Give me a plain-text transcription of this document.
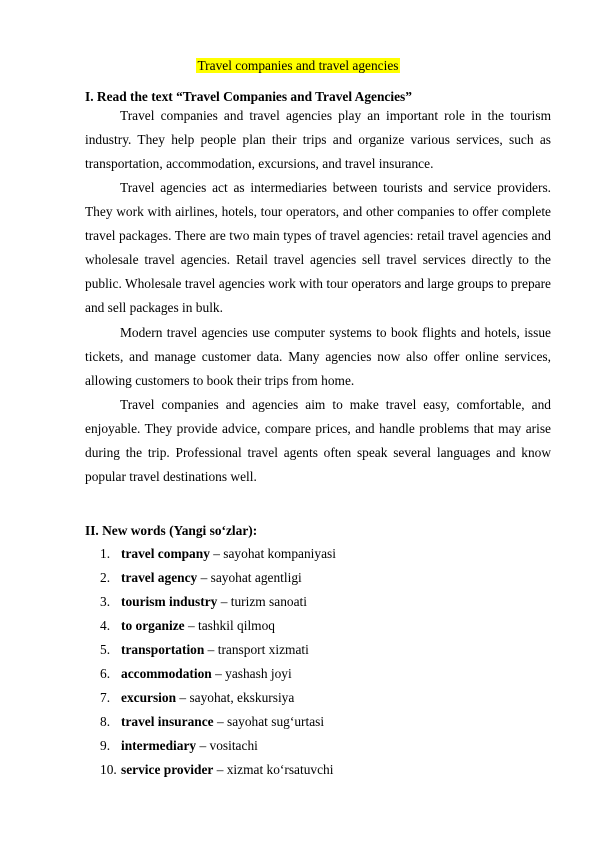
Travel companies and travel agencies
I. Read the text “Travel Companies and Travel Agencies”

Travel companies and travel agencies play an important role in the tourism industry. They help people plan their trips and organize various services, such as transportation, accommodation, excursions, and travel insurance.

Travel agencies act as intermediaries between tourists and service providers. They work with airlines, hotels, tour operators, and other companies to offer complete travel packages. There are two main types of travel agencies: retail travel agencies and wholesale travel agencies. Retail travel agencies sell travel services directly to the public. Wholesale travel agencies work with tour operators and large groups to prepare and sell packages in bulk.

Modern travel agencies use computer systems to book flights and hotels, issue tickets, and manage customer data. Many agencies now also offer online services, allowing customers to book their trips from home.

Travel companies and agencies aim to make travel easy, comfortable, and enjoyable. They provide advice, compare prices, and handle problems that may arise during the trip. Professional travel agents often speak several languages and know popular travel destinations well.

II. New words (Yangi so‘zlar):
1. travel company – sayohat kompaniyasi
2. travel agency – sayohat agentligi
3. tourism industry – turizm sanoati
4. to organize – tashkil qilmoq
5. transportation – transport xizmati
6. accommodation – yashash joyi
7. excursion – sayohat, ekskursiya
8. travel insurance – sayohat sug‘urtasi
9. intermediary – vositachi
10. service provider – xizmat ko‘rsatuvchi
